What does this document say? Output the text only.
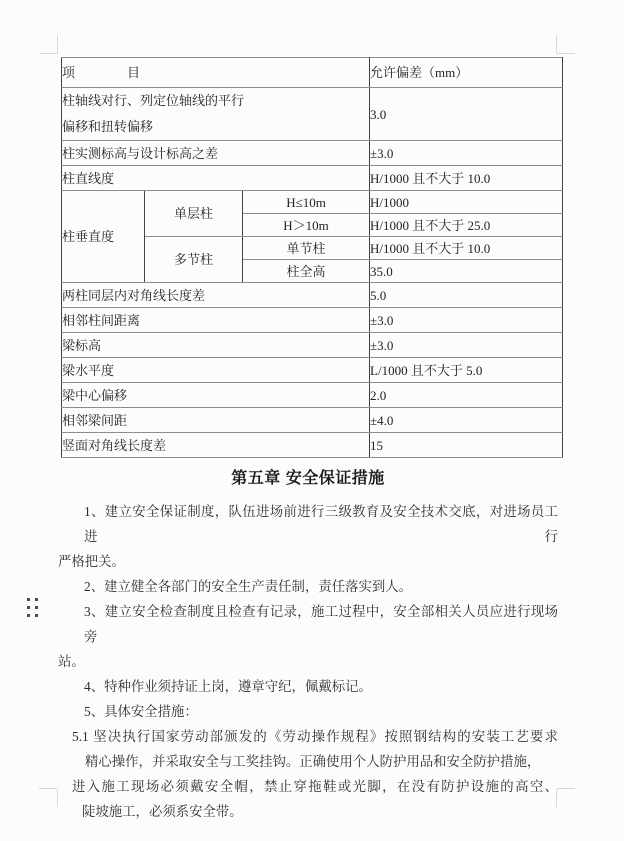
项　　　　目			允许偏差（mm）

柱轴线对行、列定位轴线的平行
偏移和扭转偏移			3.0
柱实测标高与设计标高之差			±3.0
柱直线度			H/1000 且不大于 10.0
柱垂直度	单层柱	H≤10m	H/1000
		H＞10m	H/1000 且不大于 25.0
	多节柱	单节柱	H/1000 且不大于 10.0
		柱全高	35.0
两柱同层内对角线长度差			5.0
相邻柱间距离			±3.0
梁标高			±3.0
梁水平度			L/1000 且不大于 5.0
梁中心偏移			2.0
相邻梁间距			±4.0
竖面对角线长度差			15
第五章 安全保证措施

1、建立安全保证制度，队伍进场前进行三级教育及安全技术交底，对进场员工进行

严格把关。

2、建立健全各部门的安全生产责任制，责任落实到人。

3、建立安全检查制度且检查有记录，施工过程中，安全部相关人员应进行现场旁

站。

4、特种作业须持证上岗，遵章守纪，佩戴标记。

5、具体安全措施：

5.1 坚决执行国家劳动部颁发的《劳动操作规程》按照钢结构的安装工艺要求

精心操作，并采取安全与工奖挂钩。正确使用个人防护用品和安全防护措施，

进入施工现场必须戴安全帽，禁止穿拖鞋或光脚，在没有防护设施的高空、

陡坡施工，必须系安全带。
